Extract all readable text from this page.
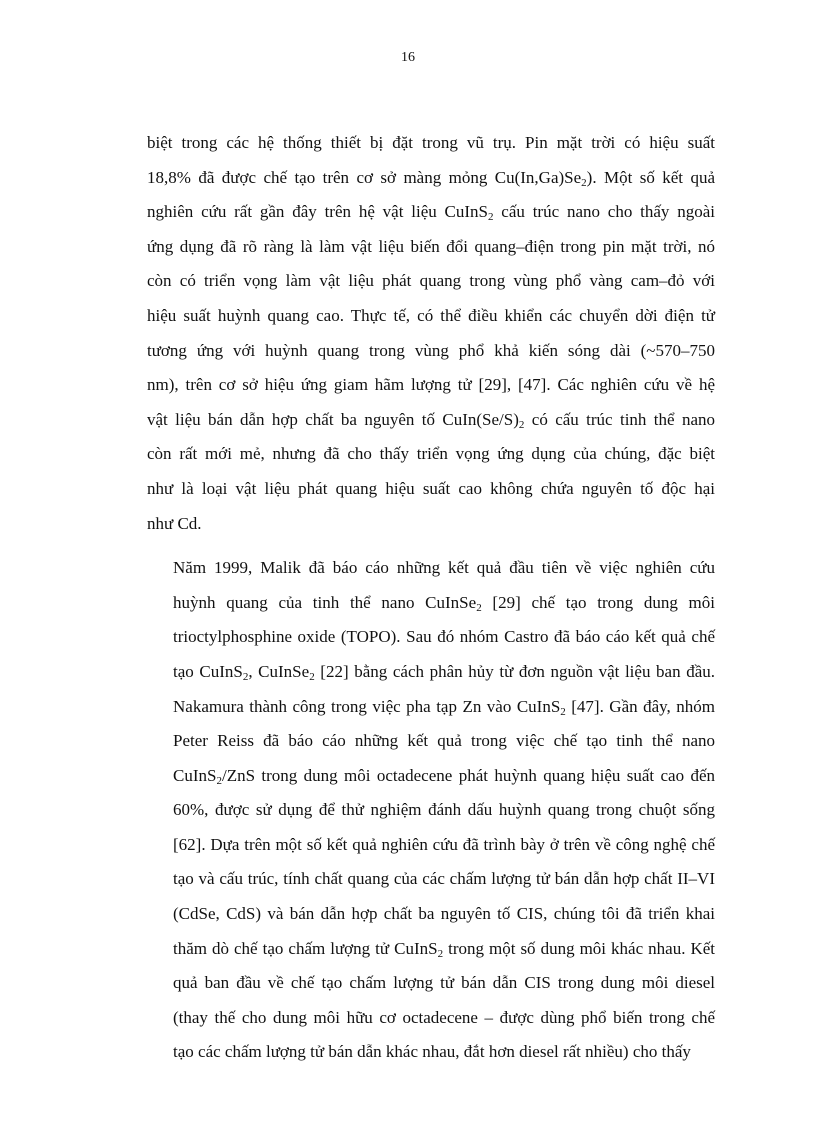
16

biệt trong các hệ thống thiết bị đặt trong vũ trụ. Pin mặt trời có hiệu suất
18,8% đã được chế tạo trên cơ sở màng mỏng $Cu(In,Ga)Se_2$). Một số kết quả
nghiên cứu rất gần đây trên hệ vật liệu CuInS$_2$ cấu trúc nano cho thấy ngoài
ứng dụng đã rõ ràng là làm vật liệu biến đổi quang–điện trong pin mặt trời, nó
còn có triển vọng làm vật liệu phát quang trong vùng phổ vàng cam–đỏ với
hiệu suất huỳnh quang cao. Thực tế, có thể điều khiển các chuyển dời điện tử
tương ứng với huỳnh quang trong vùng phổ khả kiến sóng dài (~570–750
nm), trên cơ sở hiệu ứng giam hãm lượng tử [29], [47]. Các nghiên cứu về hệ
vật liệu bán dẫn hợp chất ba nguyên tố $CuIn(Se/S)_2$ có cấu trúc tinh thể nano
còn rất mới mẻ, nhưng đã cho thấy triển vọng ứng dụng của chúng, đặc biệt
như là loại vật liệu phát quang hiệu suất cao không chứa nguyên tố độc hại
như Cd.

Năm 1999, Malik đã báo cáo những kết quả đầu tiên về việc nghiên cứu
huỳnh quang của tinh thể nano CuInSe$_2$ [29] chế tạo trong dung môi
trioctylphosphine oxide (TOPO). Sau đó nhóm Castro đã báo cáo kết quả chế
tạo CuInS$_2$, CuInSe$_2$ [22] bằng cách phân hủy từ đơn nguồn vật liệu ban đầu.
Nakamura thành công trong việc pha tạp Zn vào CuInS$_2$ [47]. Gần đây, nhóm
Peter Reiss đã báo cáo những kết quả trong việc chế tạo tinh thể nano
CuInS$_2$/ZnS trong dung môi octadecene phát huỳnh quang hiệu suất cao đến
60%, được sử dụng để thử nghiệm đánh dấu huỳnh quang trong chuột sống
[62]. Dựa trên một số kết quả nghiên cứu đã trình bày ở trên về công nghệ chế
tạo và cấu trúc, tính chất quang của các chấm lượng tử bán dẫn hợp chất II–VI
(CdSe, CdS) và bán dẫn hợp chất ba nguyên tố CIS, chúng tôi đã triển khai
thăm dò chế tạo chấm lượng tử CuInS$_2$ trong một số dung môi khác nhau. Kết
quả ban đầu về chế tạo chấm lượng tử bán dẫn CIS trong dung môi diesel
(thay thế cho dung môi hữu cơ octadecene – được dùng phổ biến trong chế
tạo các chấm lượng tử bán dẫn khác nhau, đắt hơn diesel rất nhiều) cho thấy
